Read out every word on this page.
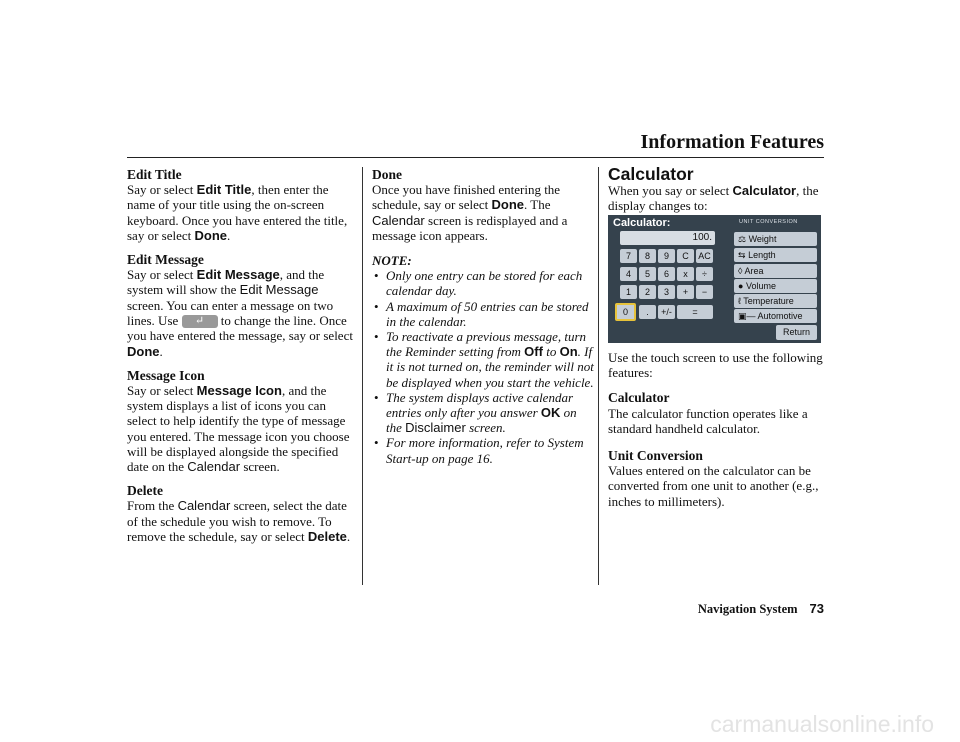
Information Features
Edit Title

Say or select Edit Title, then enter the name of your title using the on-screen keyboard. Once you have entered the title, say or select Done.

Edit Message

Say or select Edit Message, and the system will show the Edit Message screen. You can enter a message on two lines. Use ↵ to change the line. Once you have entered the message, say or select Done.

Message Icon

Say or select Message Icon, and the system displays a list of icons you can select to help identify the type of message you entered. The message icon you choose will be displayed alongside the specified date on the Calendar screen.

Delete

From the Calendar screen, select the date of the schedule you wish to remove. To remove the schedule, say or select Delete.

Done

Once you have finished entering the schedule, say or select Done. The Calendar screen is redisplayed and a message icon appears.

NOTE:
• Only one entry can be stored for each calendar day.
• A maximum of 50 entries can be stored in the calendar.
• To reactivate a previous message, turn the Reminder setting from Off to On. If it is not turned on, the reminder will not be displayed when you start the vehicle.
• The system displays active calendar entries only after you answer OK on the Disclaimer screen.
• For more information, refer to System Start-up on page 16.
Calculator

When you say or select Calculator, the display changes to:

Calculator:	UNIT CONVERSION
100.
7	8	9	C	AC
4	5	6	x	÷
1	2	3	+	−
0	.	+/-	=
⚖ Weight
⇆ Length
◊ Area
● Volume
ℓ Temperature
▣— Automotive
Return

Use the touch screen to use the following features:

Calculator

The calculator function operates like a standard handheld calculator.

Unit Conversion

Values entered on the calculator can be converted from one unit to another (e.g., inches to millimeters).

Navigation System 73
carmanualsonline.info
